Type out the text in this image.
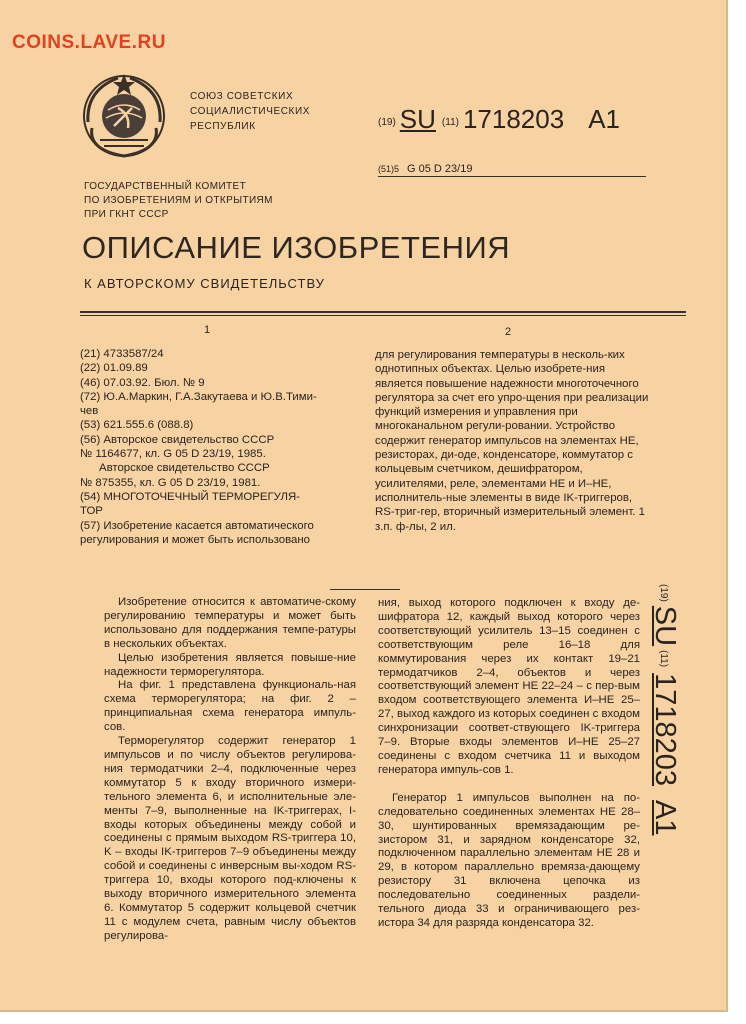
COINS.LAVE.RU
СОЮЗ СОВЕТСКИХ
СОЦИАЛИСТИЧЕСКИХ
РЕСПУБЛИК	(19) SU (11) 1718203 A1
(51)5 G 05 D 23/19
ГОСУДАРСТВЕННЫЙ КОМИТЕТ
ПО ИЗОБРЕТЕНИЯМ И ОТКРЫТИЯМ
ПРИ ГКНТ СССР
ОПИСАНИЕ ИЗОБРЕТЕНИЯ
К АВТОРСКОМУ СВИДЕТЕЛЬСТВУ
1	2

(21) 4733587/24

(22) 01.09.89

(46) 07.03.92. Бюл. № 9

(72) Ю.А.Маркин, Г.А.Закутаева и Ю.В.Тими-

чев

(53) 621.555.6 (088.8)

(56) Авторское свидетельство СССР

№ 1164677, кл. G 05 D 23/19, 1985.

Авторское свидетельство СССР

№ 875355, кл. G 05 D 23/19, 1981.

(54) МНОГОТОЧЕЧНЫЙ ТЕРМОРЕГУЛЯ-

ТОР

(57) Изобретение касается автоматического

регулирования и может быть использовано

для регулирования температуры в несколь-ких однотипных объектах. Целью изобрете-ния является повышение надежности многоточечного регулятора за счет его упро-щения при реализации функций измерения и управления при многоканальном регули-ровании. Устройство содержит генератор импульсов на элементах НЕ, резисторах, ди-оде, конденсаторе, коммутатор с кольцевым счетчиком, дешифратором, усилителями, реле, элементами НЕ и И–НЕ, исполнитель-ные элементы в виде IK-триггеров, RS-триг-гер, вторичный измерительный элемент. 1 з.п. ф-лы, 2 ил.

Изобретение относится к автоматиче-скому регулированию температуры и может быть использовано для поддержания темпе-ратуры в нескольких объектах.

Целью изобретения является повыше-ние надежности терморегулятора.

На фиг. 1 представлена функциональ-ная схема терморегулятора; на фиг. 2 – принципиальная схема генератора импуль-сов.

Терморегулятор содержит генератор 1 импульсов и по числу объектов регулирова-ния термодатчики 2–4, подключенные через коммутатор 5 к входу вторичного измери-тельного элемента 6, и исполнительные эле-менты 7–9, выполненные на IK-триггерах, I-входы которых объединены между собой и соединены с прямым выходом RS-триггера 10, K – входы IK-триггеров 7–9 объединены между собой и соединены с инверсным вы-ходом RS-триггера 10, входы которого под-ключены к выходу вторичного измерительного элемента 6. Коммутатор 5 содержит кольцевой счетчик 11 с модулем счета, равным числу объектов регулирова-

ния, выход которого подключен к входу де-шифратора 12, каждый выход которого через соответствующий усилитель 13–15 соединен с соответствующим реле 16–18 для коммутирования через их контакт 19–21 термодатчиков 2–4, объектов и через соответствующий элемент НЕ 22–24 – с пер-вым входом соответствующего элемента И–НЕ 25–27, выход каждого из которых соединен с входом синхронизации соответ-ствующего IK-триггера 7–9. Вторые входы элементов И–НЕ 25–27 соединены с входом счетчика 11 и выходом генератора импуль-сов 1.

Генератор 1 импульсов выполнен на по-следовательно соединенных элементах НЕ 28–30, шунтированных времязадающим ре-зистором 31, и зарядном конденсаторе 32, подключенном параллельно элементам НЕ 28 и 29, в котором параллельно времяза-дающему резистору 31 включена цепочка из последовательно соединенных раздели-тельного диода 33 и ограничивающего рез-истора 34 для разряда конденсатора 32.

(19)SU(11)1718203A1
